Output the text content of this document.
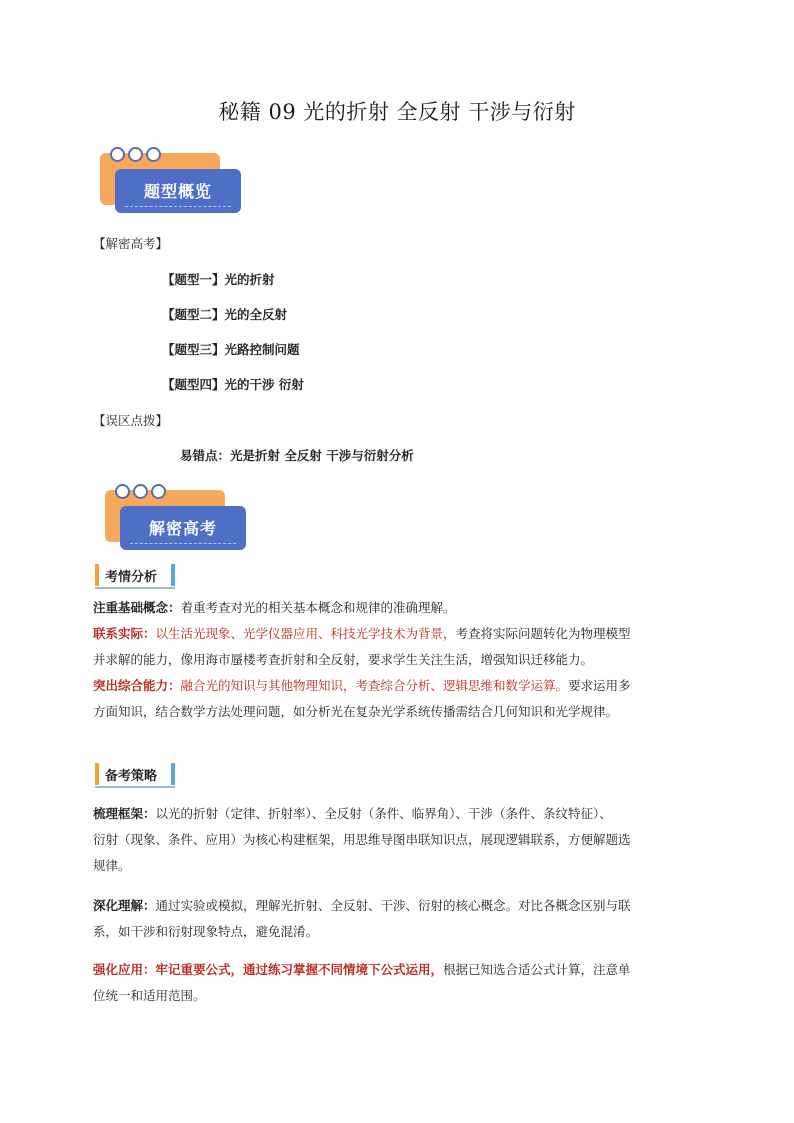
秘籍 09 光的折射 全反射 干涉与衍射
题型概览
【解密高考】
【题型一】光的折射
【题型二】光的全反射
【题型三】光路控制问题
【题型四】光的干涉 衍射
【误区点拨】
易错点：光是折射 全反射 干涉与衍射分析
解密高考
考情分析
注重基础概念：着重考查对光的相关基本概念和规律的准确理解。
联系实际：以生活光现象、光学仪器应用、科技光学技术为背景，考查将实际问题转化为物理模型
并求解的能力，像用海市蜃楼考查折射和全反射，要求学生关注生活，增强知识迁移能力。
突出综合能力：融合光的知识与其他物理知识，考查综合分析、逻辑思维和数学运算。要求运用多
方面知识，结合数学方法处理问题，如分析光在复杂光学系统传播需结合几何知识和光学规律。
备考策略
梳理框架：以光的折射（定律、折射率）、全反射（条件、临界角）、干涉（条件、条纹特征）、
衍射（现象、条件、应用）为核心构建框架，用思维导图串联知识点，展现逻辑联系，方便解题选
规律。
深化理解：通过实验或模拟，理解光折射、全反射、干涉、衍射的核心概念。对比各概念区别与联
系，如干涉和衍射现象特点，避免混淆。
强化应用：牢记重要公式，通过练习掌握不同情境下公式运用，根据已知选合适公式计算，注意单
位统一和适用范围。
